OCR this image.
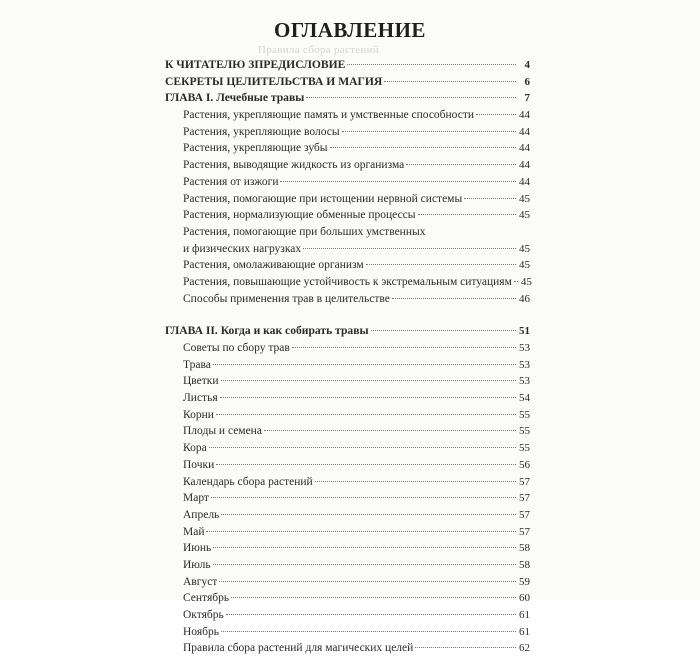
ОГЛАВЛЕНИЕ
Правила сбора растений
К ЧИТАТЕЛЮ ЗПРЕДИСЛОВИЕ	4
СЕКРЕТЫ ЦЕЛИТЕЛЬСТВА И МАГИЯ	6
ГЛАВА I. Лечебные травы	7
Растения, укрепляющие память и умственные способности	44
Растения, укрепляющие волосы	44
Растения, укрепляющие зубы	44
Растения, выводящие жидкость из организма	44
Растения от изжоги	44
Растения, помогающие при истощении нервной системы	45
Растения, нормализующие обменные процессы	45
Растения, помогающие при больших умственных
и физических нагрузках	45
Растения, омолаживающие организм	45
Растения, повышающие устойчивость к экстремальным ситуациям 45
Способы применения трав в целительстве	46
ГЛАВА II. Когда и как собирать травы	51
Советы по сбору трав	53
Трава	53
Цветки	53
Листья	54
Корни	55
Плоды и семена	55
Кора	55
Почки	56
Календарь сбора растений	57
Март	57
Апрель	57
Май	57
Июнь	58
Июль	58
Август	59
Сентябрь	60
Октябрь	61
Ноябрь	61
Правила сбора растений для магических целей	62
